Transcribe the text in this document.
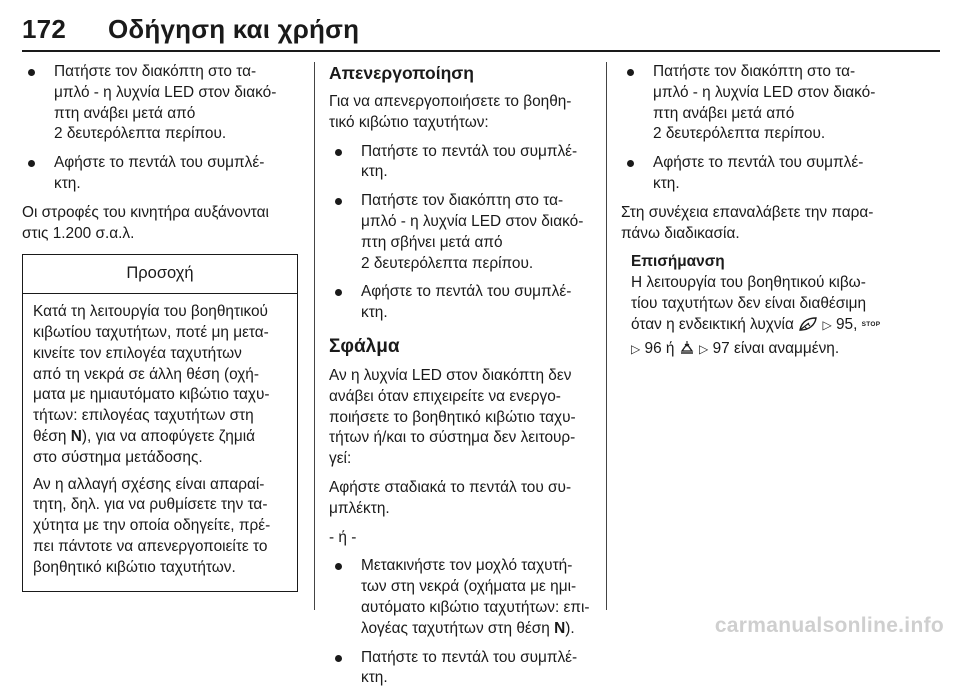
172	Οδήγηση και χρήση
Πατήστε τον διακόπτη στο τα-
μπλό - η λυχνία LED στον διακό-
πτη ανάβει μετά από
2 δευτερόλεπτα περίπου.
Αφήστε το πεντάλ του συμπλέ-
κτη.

Οι στροφές του κινητήρα αυξάνονται
στις 1.200 σ.α.λ.

Προσοχή

Κατά τη λειτουργία του βοηθητικού
κιβωτίου ταχυτήτων, ποτέ μη μετα-
κινείτε τον επιλογέα ταχυτήτων
από τη νεκρά σε άλλη θέση (οχή-
ματα με ημιαυτόματο κιβώτιο ταχυ-
τήτων: επιλογέας ταχυτήτων στη
θέση N), για να αποφύγετε ζημιά
στο σύστημα μετάδοσης.

Αν η αλλαγή σχέσης είναι απαραί-
τητη, δηλ. για να ρυθμίσετε την τα-
χύτητα με την οποία οδηγείτε, πρέ-
πει πάντοτε να απενεργοποιείτε το
βοηθητικό κιβώτιο ταχυτήτων.

Απενεργοποίηση

Για να απενεργοποιήσετε το βοηθη-
τικό κιβώτιο ταχυτήτων:

Πατήστε το πεντάλ του συμπλέ-
κτη.
Πατήστε τον διακόπτη στο τα-
μπλό - η λυχνία LED στον διακό-
πτη σβήνει μετά από
2 δευτερόλεπτα περίπου.
Αφήστε το πεντάλ του συμπλέ-
κτη.
Σφάλμα

Αν η λυχνία LED στον διακόπτη δεν
ανάβει όταν επιχειρείτε να ενεργο-
ποιήσετε το βοηθητικό κιβώτιο ταχυ-
τήτων ή/και το σύστημα δεν λειτουρ-
γεί:

Αφήστε σταδιακά το πεντάλ του συ-
μπλέκτη.

- ή -

Μετακινήστε τον μοχλό ταχυτή-
των στη νεκρά (οχήματα με ημι-
αυτόματο κιβώτιο ταχυτήτων: επι-
λογέας ταχυτήτων στη θέση N).
Πατήστε το πεντάλ του συμπλέ-
κτη.
Πατήστε τον διακόπτη στο τα-
μπλό - η λυχνία LED στον διακό-
πτη ανάβει μετά από
2 δευτερόλεπτα περίπου.
Αφήστε το πεντάλ του συμπλέ-
κτη.

Στη συνέχεια επαναλάβετε την παρα-
πάνω διαδικασία.

Επισήμανση
Η λειτουργία του βοηθητικού κιβω-
τίου ταχυτήτων δεν είναι διαθέσιμη
όταν η ενδεικτική λυχνία  ▷ 95, STOP
▷ 96 ή ▷ 97 είναι αναμμένη.
carmanualsonline.info
